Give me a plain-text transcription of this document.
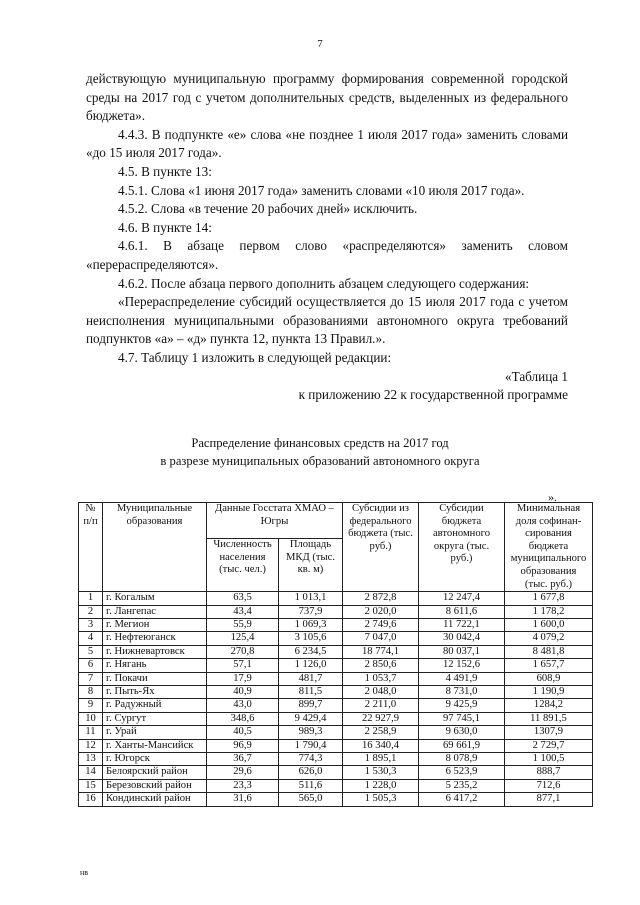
7

действующую муниципальную программу формирования современной городской среды на 2017 год с учетом дополнительных средств, выделенных из федерального бюджета».

4.4.3. В подпункте «е» слова «не позднее 1 июля 2017 года» заменить словами «до 15 июля 2017 года».

4.5. В пункте 13:

4.5.1. Слова «1 июня 2017 года» заменить словами «10 июля 2017 года».

4.5.2. Слова «в течение 20 рабочих дней» исключить.

4.6. В пункте 14:

4.6.1. В абзаце первом слово «распределяются» заменить словом «перераспределяются».

4.6.2. После абзаца первого дополнить абзацем следующего содержания:

«Перераспределение субсидий осуществляется до 15 июля 2017 года с учетом неисполнения муниципальными образованиями автономного округа требований подпунктов «а» – «д» пункта 12, пункта 13 Правил.».

4.7. Таблицу 1 изложить в следующей редакции:

«Таблица 1

к приложению 22 к государственной программе

Распределение финансовых средств на 2017 год
в разрезе муниципальных образований автономного округа
».
№ п/п	Муниципальные образования	Данные Госстата ХМАО – Югры		Субсидии из федерального бюджета (тыс. руб.)	Субсидии бюджета автономного округа (тыс. руб.)	Минимальная доля софинан-сирования бюджета муниципального образования (тыс. руб.)
		Численность населения (тыс. чел.)	Площадь МКД (тыс. кв. м)			
1	г. Когалым	63,5	1 013,1	2 872,8	12 247,4	1 677,8
2	г. Лангепас	43,4	737,9	2 020,0	8 611,6	1 178,2
3	г. Мегион	55,9	1 069,3	2 749,6	11 722,1	1 600,0
4	г. Нефтеюганск	125,4	3 105,6	7 047,0	30 042,4	4 079,2
5	г. Нижневартовск	270,8	6 234,5	18 774,1	80 037,1	8 481,8
6	г. Нягань	57,1	1 126,0	2 850,6	12 152,6	1 657,7
7	г. Покачи	17,9	481,7	1 053,7	4 491,9	608,9
8	г. Пыть-Ях	40,9	811,5	2 048,0	8 731,0	1 190,9
9	г. Радужный	43,0	899,7	2 211,0	9 425,9	1284,2
10	г. Сургут	348,6	9 429,4	22 927,9	97 745,1	11 891,5
11	г. Урай	40,5	989,3	2 258,9	9 630,0	1307,9
12	г. Ханты-Мансийск	96,9	1 790,4	16 340,4	69 661,9	2 729,7
13	г. Югорск	36,7	774,3	1 895,1	8 078,9	1 100,5
14	Белоярский район	29,6	626,0	1 530,3	6 523,9	888,7
15	Березовский район	23,3	511,6	1 228,0	5 235,2	712,6
16	Кондинский район	31,6	565,0	1 505,3	6 417,2	877,1
нв
